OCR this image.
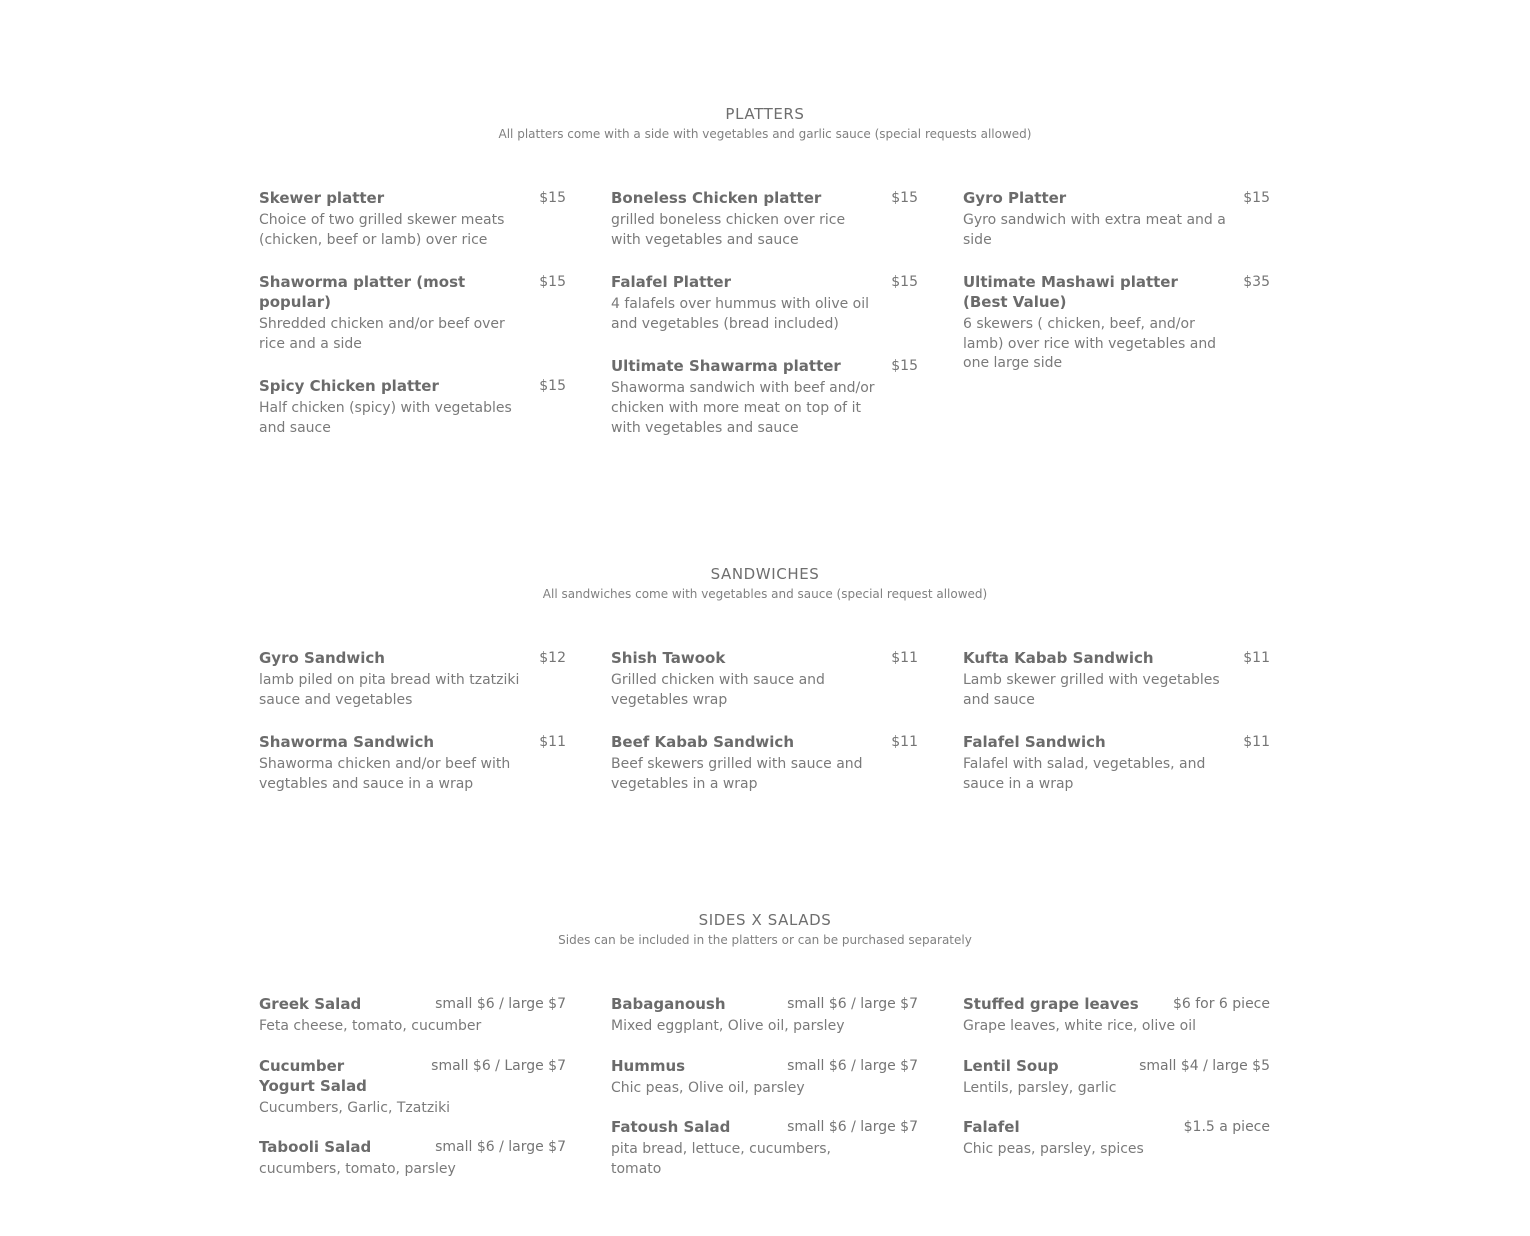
PLATTERS
All platters come with a side with vegetables and garlic sauce (special requests allowed)
Skewer platter	$15
Choice of two grilled skewer meats (chicken, beef or lamb) over rice
Shaworma platter (most popular)
$15
Shredded chicken and/or beef over rice and a side
Spicy Chicken platter	$15
Half chicken (spicy) with vegetables and sauce
Boneless Chicken platter	$15
grilled boneless chicken over rice with vegetables and sauce
Falafel Platter	$15
4 falafels over hummus with olive oil and vegetables (bread included)
Ultimate Shawarma platter	$15
Shaworma sandwich with beef and/or chicken with more meat on top of it with vegetables and sauce
Gyro Platter	$15
Gyro sandwich with extra meat and a side
Ultimate Mashawi platter (Best Value)
$35
6 skewers ( chicken, beef, and/or lamb) over rice with vegetables and one large side
SANDWICHES
All sandwiches come with vegetables and sauce (special request allowed)
Gyro Sandwich	$12
lamb piled on pita bread with tzatziki sauce and vegetables
Shaworma Sandwich	$11
Shaworma chicken and/or beef with vegtables and sauce in a wrap
Shish Tawook	$11
Grilled chicken with sauce and vegetables wrap
Beef Kabab Sandwich	$11
Beef skewers grilled with sauce and vegetables in a wrap
Kufta Kabab Sandwich	$11
Lamb skewer grilled with vegetables and sauce
Falafel Sandwich	$11
Falafel with salad, vegetables, and sauce in a wrap
SIDES X SALADS
Sides can be included in the platters or can be purchased separately
Greek Salad	small $6 / large $7
Feta cheese, tomato, cucumber
Cucumber Yogurt Salad
small $6 / Large $7
Cucumbers, Garlic, Tzatziki
Tabooli Salad	small $6 / large $7
cucumbers, tomato, parsley
Babaganoush	small $6 / large $7
Mixed eggplant, Olive oil, parsley
Hummus	small $6 / large $7
Chic peas, Olive oil, parsley
Fatoush Salad	small $6 / large $7
pita bread, lettuce, cucumbers, tomato
Stuffed grape leaves $6 for 6 piece
Grape leaves, white rice, olive oil
Lentil Soup	small $4 / large $5
Lentils, parsley, garlic
Falafel	$1.5 a piece
Chic peas, parsley, spices
